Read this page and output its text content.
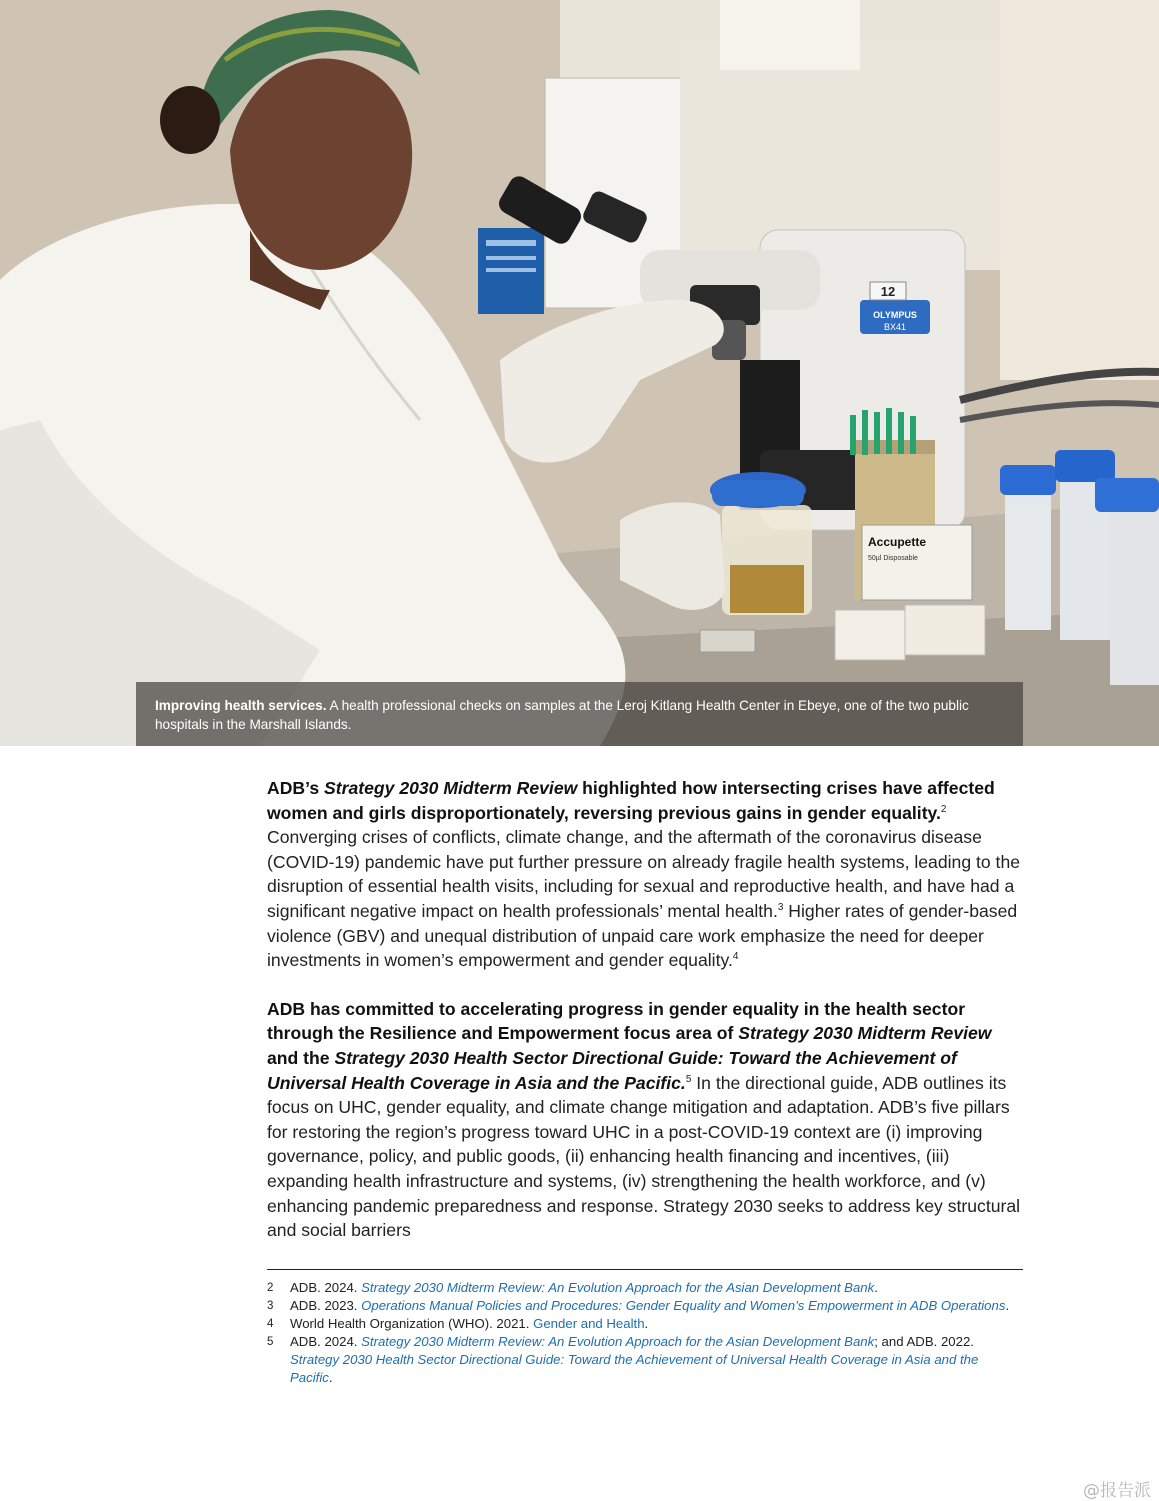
OLYMPUS
BX41
12
Accupette
50µl Disposable
Improving health services. A health professional checks on samples at the Leroj Kitlang Health Center in Ebeye, one of the two public hospitals in the Marshall Islands.

ADB’s Strategy 2030 Midterm Review highlighted how intersecting crises have affected women and girls disproportionately, reversing previous gains in gender equality.$^2$ Converging crises of conflicts, climate change, and the aftermath of the coronavirus disease (COVID-19) pandemic have put further pressure on already fragile health systems, leading to the disruption of essential health visits, including for sexual and reproductive health, and have had a significant negative impact on health professionals’ mental health.$^3$ Higher rates of gender-based violence (GBV) and unequal distribution of unpaid care work emphasize the need for deeper investments in women’s empowerment and gender equality.$^4$

ADB has committed to accelerating progress in gender equality in the health sector through the Resilience and Empowerment focus area of Strategy 2030 Midterm Review and the Strategy 2030 Health Sector Directional Guide: Toward the Achievement of Universal Health Coverage in Asia and the Pacific.$^5$ In the directional guide, ADB outlines its focus on UHC, gender equality, and climate change mitigation and adaptation. ADB’s five pillars for restoring the region’s progress toward UHC in a post-COVID-19 context are (i) improving governance, policy, and public goods, (ii) enhancing health financing and incentives, (iii) expanding health infrastructure and systems, (iv) strengthening the health workforce, and (v) enhancing pandemic preparedness and response. Strategy 2030 seeks to address key structural and social barriers

2	ADB. 2024. Strategy 2030 Midterm Review: An Evolution Approach for the Asian Development Bank.
3	ADB. 2023. Operations Manual Policies and Procedures: Gender Equality and Women’s Empowerment in ADB Operations.
4	World Health Organization (WHO). 2021. Gender and Health.
5	ADB. 2024. Strategy 2030 Midterm Review: An Evolution Approach for the Asian Development Bank; and ADB. 2022. Strategy 2030 Health Sector Directional Guide: Toward the Achievement of Universal Health Coverage in Asia and the Pacific.
@报告派
